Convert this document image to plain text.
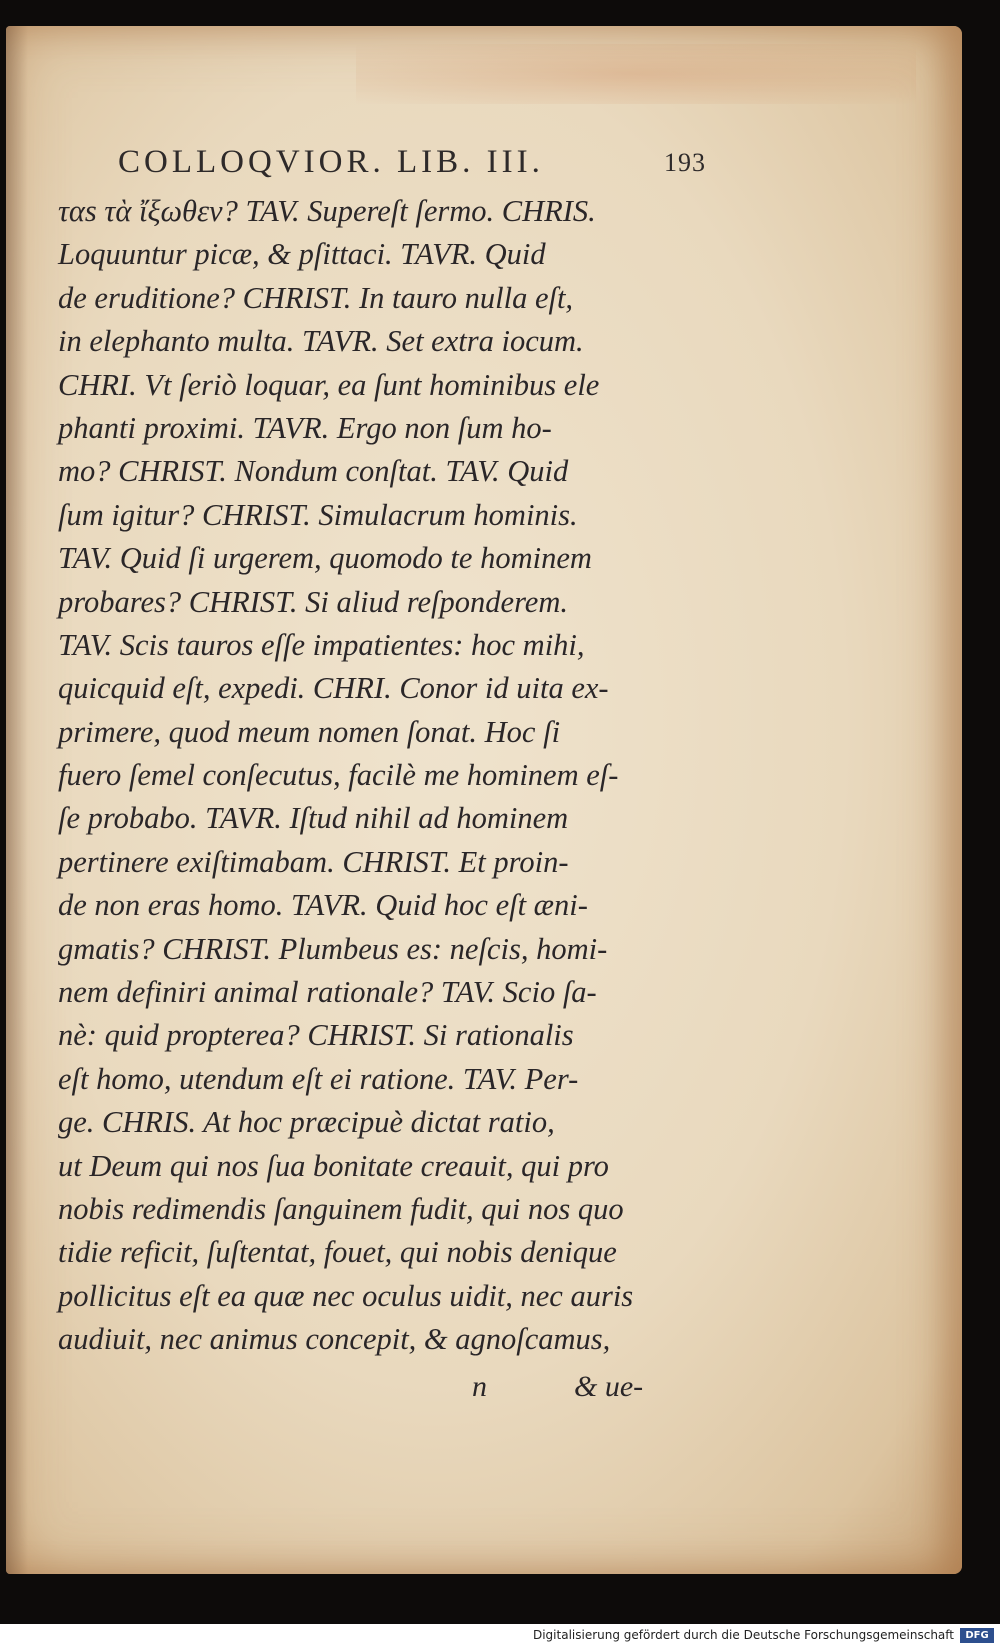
COLLOQVIOR. LIB. III.	193
ταs τὰ ἴξωθεν? TAV. Supereſt ſermo. CHRIS.
Loquuntur picæ, & pſittaci. TAVR. Quid
de eruditione? CHRIST. In tauro nulla eſt,
in elephanto multa. TAVR. Set extra iocum.
CHRI. Vt ſeriò loquar, ea ſunt hominibus ele
phanti proximi. TAVR. Ergo non ſum ho-
mo? CHRIST. Nondum conſtat. TAV. Quid
ſum igitur? CHRIST. Simulacrum hominis.
TAV. Quid ſi urgerem, quomodo te hominem
probares? CHRIST. Si aliud reſponderem.
TAV. Scis tauros eſſe impatientes: hoc mihi,
quicquid eſt, expedi. CHRI. Conor id uita ex-
primere, quod meum nomen ſonat. Hoc ſi
fuero ſemel conſecutus, facilè me hominem eſ-
ſe probabo. TAVR. Iſtud nihil ad hominem
pertinere exiſtimabam. CHRIST. Et proin-
de non eras homo. TAVR. Quid hoc eſt æni-
gmatis? CHRIST. Plumbeus es: neſcis, homi-
nem definiri animal rationale? TAV. Scio ſa-
nè: quid propterea? CHRIST. Si rationalis
eſt homo, utendum eſt ei ratione. TAV. Per-
ge. CHRIS. At hoc præcipuè dictat ratio,
ut Deum qui nos ſua bonitate creauit, qui pro
nobis redimendis ſanguinem fudit, qui nos quo
tidie reficit, ſuſtentat, fouet, qui nobis denique
pollicitus eſt ea quæ nec oculus uidit, nec auris
audiuit, nec animus concepit, & agnoſcamus,
n	& ue-
Digitalisierung gefördert durch die Deutsche Forschungsgemeinschaft	DFG
